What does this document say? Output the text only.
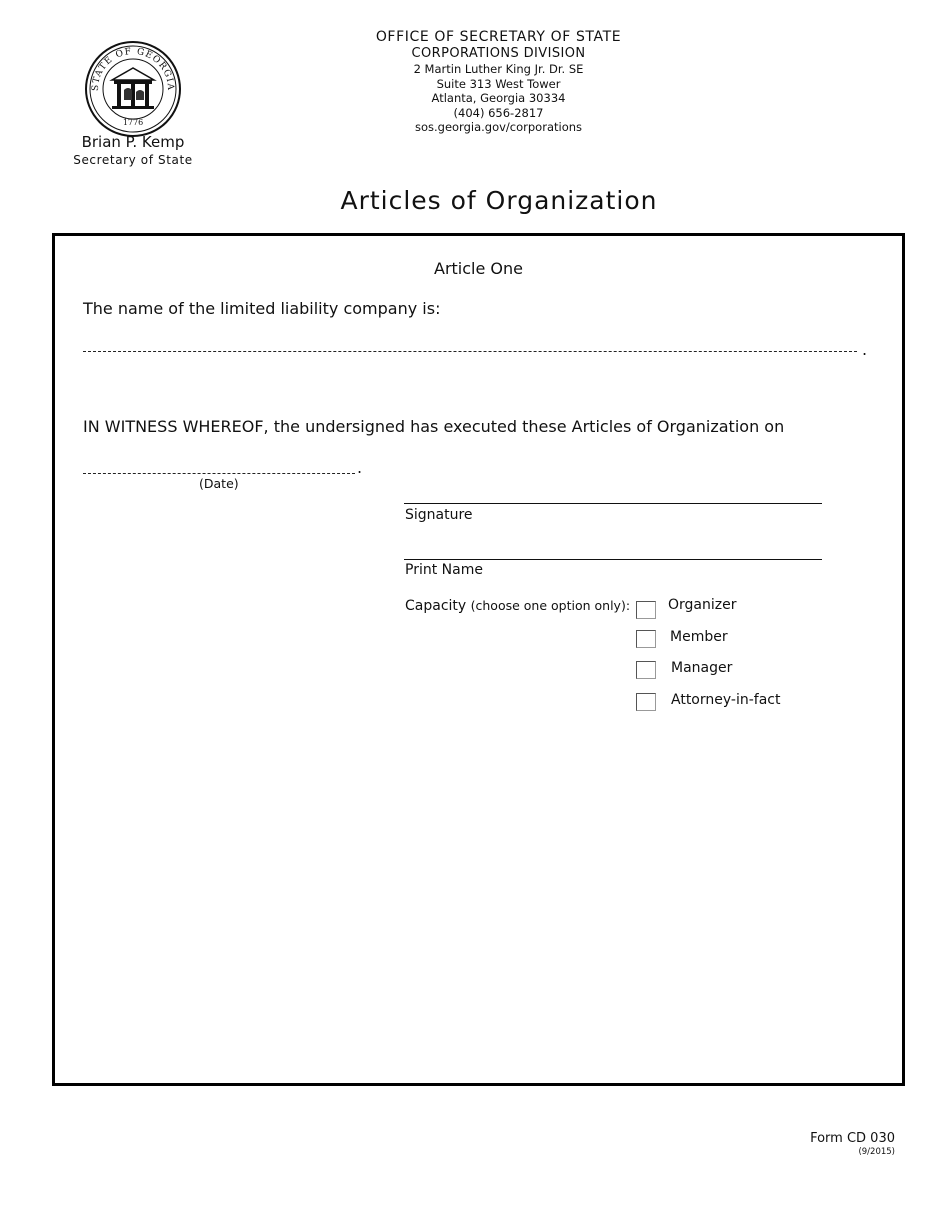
STATE OF GEORGIA
1776
Brian P. Kemp
Secretary of State
OFFICE OF SECRETARY OF STATE
CORPORATIONS DIVISION
2 Martin Luther King Jr. Dr. SE
Suite 313 West Tower
Atlanta, Georgia 30334
(404) 656-2817
sos.georgia.gov/corporations
Articles of Organization
Article One
The name of the limited liability company is:
.
IN WITNESS WHEREOF, the undersigned has executed these Articles of Organization on
.
(Date)
Signature
Print Name
Capacity (choose one option only):	Organizer
Member
Manager
Attorney-in-fact
Form CD 030
(9/2015)
